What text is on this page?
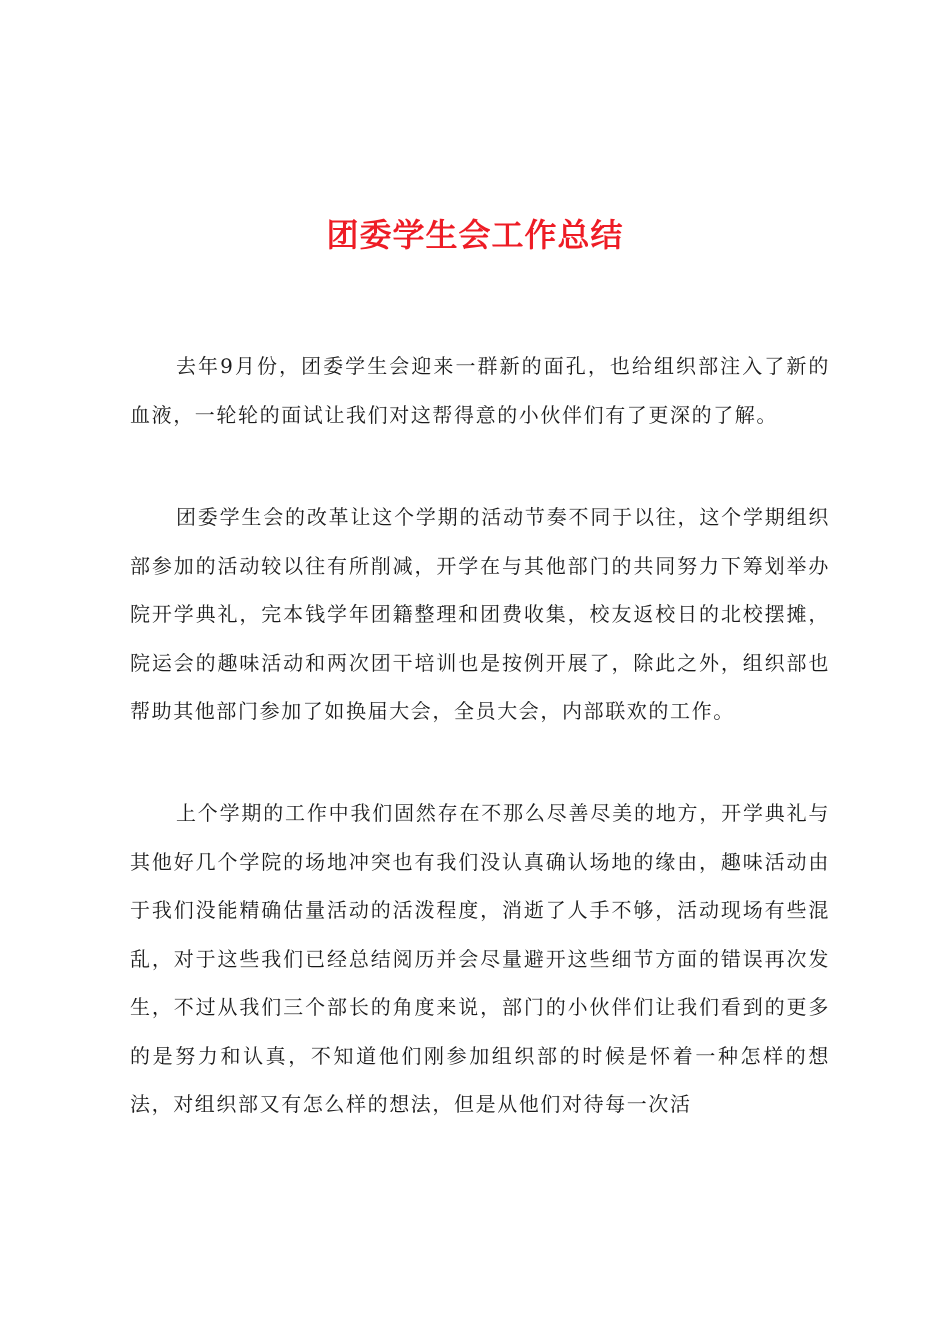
团委学生会工作总结

去年9月份，团委学生会迎来一群新的面孔，也给组织部注入了新的血液，一轮轮的面试让我们对这帮得意的小伙伴们有了更深的了解。

团委学生会的改革让这个学期的活动节奏不同于以往，这个学期组织部参加的活动较以往有所削减，开学在与其他部门的共同努力下筹划举办院开学典礼，完本钱学年团籍整理和团费收集，校友返校日的北校摆摊，院运会的趣味活动和两次团干培训也是按例开展了，除此之外，组织部也帮助其他部门参加了如换届大会，全员大会，内部联欢的工作。

上个学期的工作中我们固然存在不那么尽善尽美的地方，开学典礼与其他好几个学院的场地冲突也有我们没认真确认场地的缘由，趣味活动由于我们没能精确估量活动的活泼程度，消逝了人手不够，活动现场有些混乱，对于这些我们已经总结阅历并会尽量避开这些细节方面的错误再次发生，不过从我们三个部长的角度来说，部门的小伙伴们让我们看到的更多的是努力和认真，不知道他们刚参加组织部的时候是怀着一种怎样的想法，对组织部又有怎么样的想法，但是从他们对待每一次活
